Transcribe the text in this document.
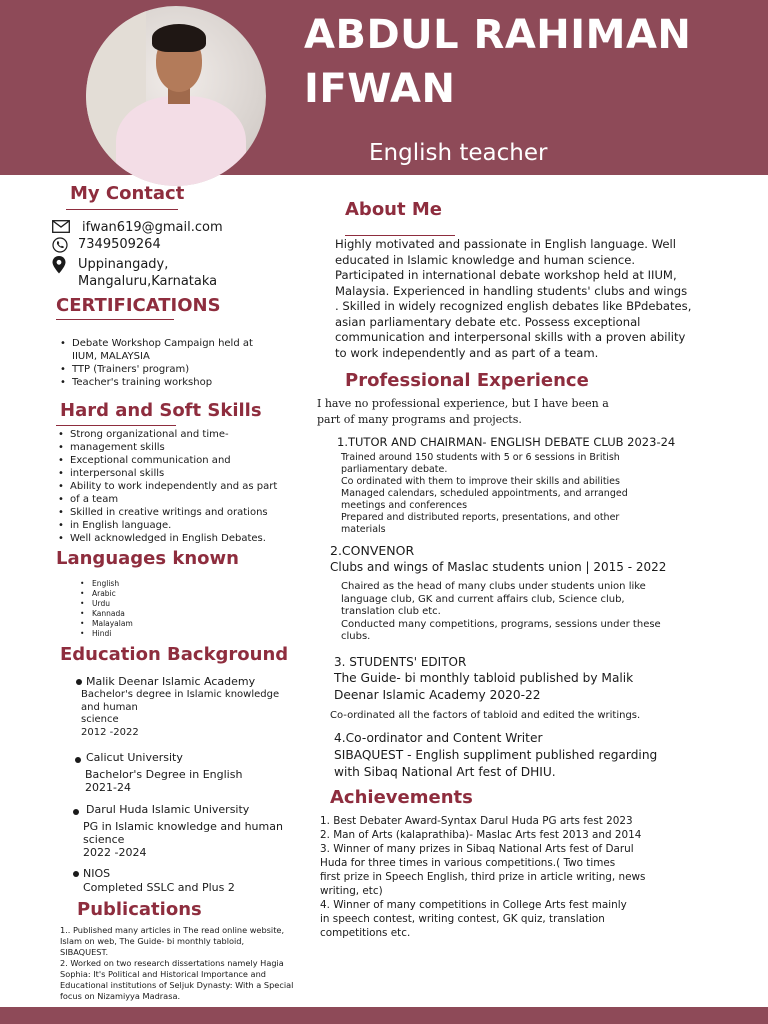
ABDUL RAHIMAN
IFWAN
English teacher
My Contact
ifwan619@gmail.com
7349509264
Uppinangady,
Mangaluru,Karnataka
CERTIFICATIONS
• Debate Workshop Campaign held at IIUM, MALAYSIA
• TTP (Trainers' program)
• Teacher's training workshop
Hard and Soft Skills
• Strong organizational and time-
• management skills
• Exceptional communication and
• interpersonal skills
• Ability to work independently and as part
• of a team
• Skilled in creative writings and orations
• in English language.
• Well acknowledged in English Debates.
Languages known
• English
• Arabic
• Urdu
• Kannada
• Malayalam
• Hindi
Education Background
Malik Deenar Islamic Academy
Bachelor's degree in Islamic knowledge
and human
science
2012 -2022
Calicut University
Bachelor's Degree in English
2021-24
Darul Huda Islamic University
PG in Islamic knowledge and human
science
2022 -2024
NIOS
Completed SSLC and Plus 2
Publications
1.. Published many articles in The read online website,
Islam on web, The Guide- bi monthly tabloid,
SIBAQUEST.
2. Worked on two research dissertations namely Hagia
Sophia: It's Political and Historical Importance and
Educational institutions of Seljuk Dynasty: With a Special
focus on Nizamiyya Madrasa.
About Me
Highly motivated and passionate in English language. Well
educated in Islamic knowledge and human science.
Participated in international debate workshop held at IIUM,
Malaysia. Experienced in handling students' clubs and wings
. Skilled in widely recognized english debates like BPdebates,
asian parliamentary debate etc. Possess exceptional
communication and interpersonal skills with a proven ability
to work independently and as part of a team.
Professional Experience
I have no professional experience, but I have been a
part of many programs and projects.
1.TUTOR AND CHAIRMAN- ENGLISH DEBATE CLUB 2023-24
Trained around 150 students with 5 or 6 sessions in British
parliamentary debate.
Co ordinated with them to improve their skills and abilities
Managed calendars, scheduled appointments, and arranged
meetings and conferences
Prepared and distributed reports, presentations, and other
materials
2.CONVENOR
Clubs and wings of Maslac students union | 2015 - 2022
Chaired as the head of many clubs under students union like
language club, GK and current affairs club, Science club,
translation club etc.
Conducted many competitions, programs, sessions under these
clubs.
3. STUDENTS' EDITOR
The Guide- bi monthly tabloid published by Malik
Deenar Islamic Academy 2020-22
Co-ordinated all the factors of tabloid and edited the writings.
4.Co-ordinator and Content Writer
SIBAQUEST - English suppliment published regarding
with Sibaq National Art fest of DHIU.
Achievements
1. Best Debater Award-Syntax Darul Huda PG arts fest 2023
2. Man of Arts (kalaprathiba)- Maslac Arts fest 2013 and 2014
3. Winner of many prizes in Sibaq National Arts fest of Darul
Huda for three times in various competitions.( Two times
first prize in Speech English, third prize in article writing, news
writing, etc)
4. Winner of many competitions in College Arts fest mainly
in speech contest, writing contest, GK quiz, translation
competitions etc.
